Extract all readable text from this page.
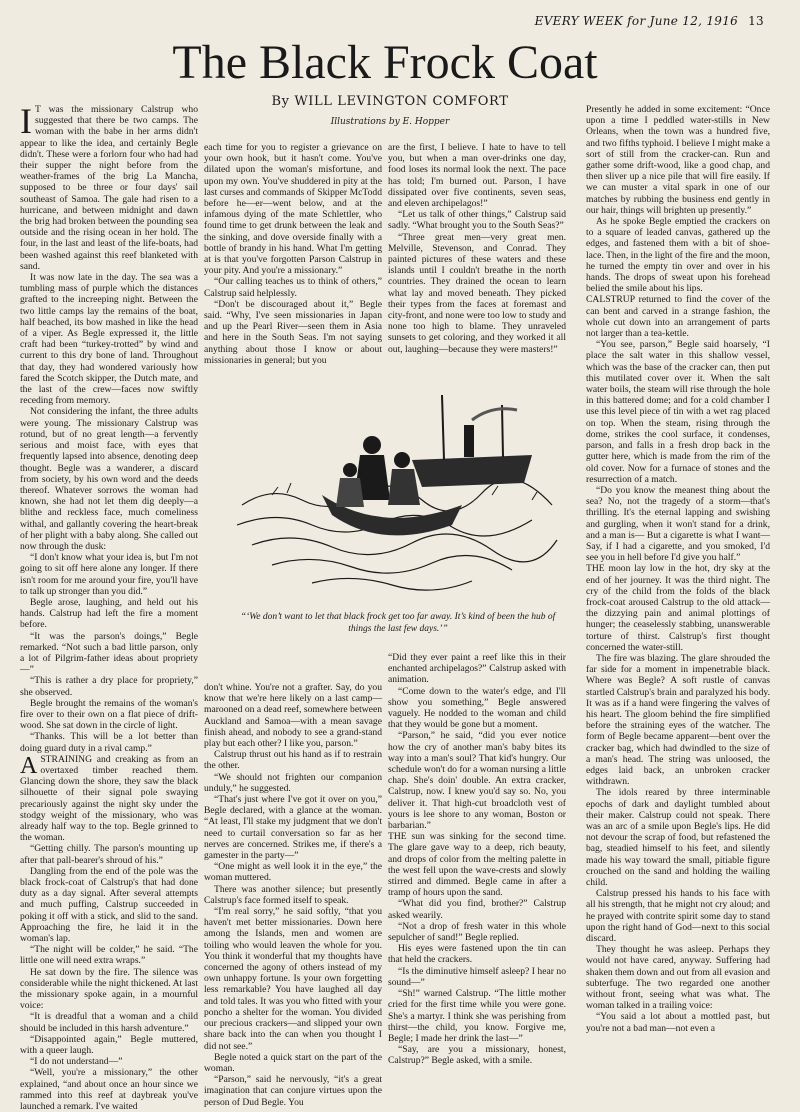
EVERY WEEK for June 12, 1916 13
The Black Frock Coat
By WILL LEVINGTON COMFORT
Illustrations by E. Hopper

I T was the missionary Calstrup who suggested that there be two camps. The woman with the babe in her arms didn't appear to like the idea, and certainly Begle didn't. These were a forlorn four who had had their supper the night before from the weather-frames of the brig La Mancha, supposed to be three or four days' sail southeast of Samoa. The gale had risen to a hurricane, and between midnight and dawn the brig had broken between the pounding sea outside and the rising ocean in her hold. The four, in the last and least of the life-boats, had been washed against this reef blanketed with sand.

It was now late in the day. The sea was a tumbling mass of purple which the distances grafted to the increeping night. Between the two little camps lay the remains of the boat, half beached, its bow mashed in like the head of a viper. As Begle expressed it, the little craft had been “turkey-trotted” by wind and current to this dry bone of land. Throughout that day, they had wondered variously how fared the Scotch skipper, the Dutch mate, and the last of the crew—faces now swiftly receding from memory.

Not considering the infant, the three adults were young. The missionary Calstrup was rotund, but of no great length—a fervently serious and moist face, with eyes that frequently lapsed into absence, denoting deep thought. Begle was a wanderer, a discard from society, by his own word and the deeds thereof. Whatever sorrows the woman had known, she had not let them dig deeply—a blithe and reckless face, much comeliness withal, and gallantly covering the heart-break of her plight with a baby along. She called out now through the dusk:

“I don't know what your idea is, but I'm not going to sit off here alone any longer. If there isn't room for me around your fire, you'll have to talk up stronger than you did.”

Begle arose, laughing, and held out his hands. Calstrup had left the fire a moment before.

“It was the parson's doings,” Begle remarked. “Not such a bad little parson, only a lot of Pilgrim-father ideas about propriety—”

“This is rather a dry place for propriety,” she observed.

Begle brought the remains of the woman's fire over to their own on a flat piece of drift-wood. She sat down in the circle of light.

“Thanks. This will be a lot better than doing guard duty in a rival camp.”

ASTRAINING and creaking as from an overtaxed timber reached them. Glancing down the shore, they saw the black silhouette of their signal pole swaying precariously against the night sky under the stodgy weight of the missionary, who was already half way to the top. Begle grinned to the woman.

“Getting chilly. The parson's mounting up after that pall-bearer's shroud of his.”

Dangling from the end of the pole was the black frock-coat of Calstrup's that had done duty as a day signal. After several attempts and much puffing, Calstrup succeeded in poking it off with a stick, and slid to the sand. Approaching the fire, he laid it in the woman's lap.

“The night will be colder,” he said. “The little one will need extra wraps.”

He sat down by the fire. The silence was considerable while the night thickened. At last the missionary spoke again, in a mournful voice:

“It is dreadful that a woman and a child should be included in this harsh adventure.”

“Disappointed again,” Begle muttered, with a queer laugh.

“I do not understand—”

“Well, you're a missionary,” the other explained, “and about once an hour since we rammed into this reef at daybreak you've launched a remark. I've waited

each time for you to register a grievance on your own hook, but it hasn't come. You've dilated upon the woman's misfortune, and upon my own. You've shuddered in pity at the last curses and commands of Skipper McTodd before he—er—went below, and at the infamous dying of the mate Schlettler, who found time to get drunk between the leak and the sinking, and dove overside finally with a bottle of brandy in his hand. What I'm getting at is that you've forgotten Parson Calstrup in your pity. And you're a missionary.”

“Our calling teaches us to think of others,” Calstrup said helplessly.

“Don't be discouraged about it,” Begle said. “Why, I've seen missionaries in Japan and up the Pearl River—seen them in Asia and here in the South Seas. I'm not saying anything about those I know or about missionaries in general; but you

are the first, I believe. I hate to have to tell you, but when a man over-drinks one day, food loses its normal look the next. The pace has told; I'm burned out. Parson, I have dissipated over five continents, seven seas, and eleven archipelagos!”

“Let us talk of other things,” Calstrup said sadly. “What brought you to the South Seas?”

“Three great men—very great men. Melville, Stevenson, and Conrad. They painted pictures of these waters and these islands until I couldn't breathe in the north countries. They drained the ocean to learn what lay and moved beneath. They picked their types from the faces at foremast and city-front, and none were too low to study and none too high to blame. They unraveled sunsets to get coloring, and they worked it all out, laughing—because they were masters!”

“‘We don’t want to let that black frock get too far away. It’s kind of been the hub of things the last few days.’”

don't whine. You're not a grafter. Say, do you know that we're here likely on a last camp—marooned on a dead reef, somewhere between Auckland and Samoa—with a mean savage finish ahead, and nobody to see a grand-stand play but each other? I like you, parson.”

Calstrup thrust out his hand as if to restrain the other.

“We should not frighten our companion unduly,” he suggested.

“That's just where I've got it over on you,” Begle declared, with a glance at the woman. “At least, I'll stake my judgment that we don't need to curtail conversation so far as her nerves are concerned. Strikes me, if there's a gamester in the party—”

“One might as well look it in the eye,” the woman muttered.

There was another silence; but presently Calstrup's face formed itself to speak.

“I'm real sorry,” he said softly, “that you haven't met better missionaries. Down here among the Islands, men and women are toiling who would leaven the whole for you. You think it wonderful that my thoughts have concerned the agony of others instead of my own unhappy fortune. Is your own forgetting less remarkable? You have laughed all day and told tales. It was you who fitted with your poncho a shelter for the woman. You divided our precious crackers—and slipped your own share back into the can when you thought I did not see.”

Begle noted a quick start on the part of the woman.

“Parson,” said he nervously, “it's a great imagination that can conjure virtues upon the person of Dud Begle. You

“Did they ever paint a reef like this in their enchanted archipelagos?” Calstrup asked with animation.

“Come down to the water's edge, and I'll show you something,” Begle answered vaguely. He nodded to the woman and child that they would be gone but a moment.

“Parson,” he said, “did you ever notice how the cry of another man's baby bites its way into a man's soul? That kid's hungry. Our schedule won't do for a woman nursing a little chap. She's doin' double. An extra cracker, Calstrup, now. I knew you'd say so. No, you deliver it. That high-cut broadcloth vest of yours is lee shore to any woman, Boston or barbarian.”

THE sun was sinking for the second time. The glare gave way to a deep, rich beauty, and drops of color from the melting palette in the west fell upon the wave-crests and slowly stirred and dimmed. Begle came in after a tramp of hours upon the sand.

“What did you find, brother?” Calstrup asked wearily.

“Not a drop of fresh water in this whole sepulcher of sand!” Begle replied.

His eyes were fastened upon the tin can that held the crackers.

“Is the diminutive himself asleep? I hear no sound—”

“Sh!” warned Calstrup. “The little mother cried for the first time while you were gone. She's a martyr. I think she was perishing from thirst—the child, you know. Forgive me, Begle; I made her drink the last—”

“Say, are you a missionary, honest, Calstrup?” Begle asked, with a smile.

Presently he added in some excitement: “Once upon a time I peddled water-stills in New Orleans, when the town was a hundred five, and two fifths typhoid. I believe I might make a sort of still from the cracker-can. Run and gather some drift-wood, like a good chap, and then sliver up a nice pile that will fire easily. If we can muster a vital spark in one of our matches by rubbing the business end gently in our hair, things will brighten up presently.”

As he spoke Begle emptied the crackers on to a square of leaded canvas, gathered up the edges, and fastened them with a bit of shoe-lace. Then, in the light of the fire and the moon, he turned the empty tin over and over in his hands. The drops of sweat upon his forehead belied the smile about his lips.

CALSTRUP returned to find the cover of the can bent and carved in a strange fashion, the whole cut down into an arrangement of parts not larger than a tea-kettle.

“You see, parson,” Begle said hoarsely, “I place the salt water in this shallow vessel, which was the base of the cracker can, then put this mutilated cover over it. When the salt water boils, the steam will rise through the hole in this battered dome; and for a cold chamber I use this level piece of tin with a wet rag placed on top. When the steam, rising through the dome, strikes the cool surface, it condenses, parson, and falls in a fresh drop back in the gutter here, which is made from the rim of the old cover. Now for a furnace of stones and the resurrection of a match.

“Do you know the meanest thing about the sea? No, not the tragedy of a storm—that's thrilling. It's the eternal lapping and swishing and gurgling, when it won't stand for a drink, and a man is— But a cigarette is what I want— Say, if I had a cigarette, and you smoked, I'd see you in hell before I'd give you half.”

THE moon lay low in the hot, dry sky at the end of her journey. It was the third night. The cry of the child from the folds of the black frock-coat aroused Calstrup to the old attack—the dizzying pain and animal plottings of hunger; the ceaselessly stabbing, unanswerable torture of thirst. Calstrup's first thought concerned the water-still.

The fire was blazing. The glare shrouded the far side for a moment in impenetrable black. Where was Begle? A soft rustle of canvas startled Calstrup's brain and paralyzed his body. It was as if a hand were fingering the valves of his heart. The gloom behind the fire simplified before the straining eyes of the watcher. The form of Begle became apparent—bent over the cracker bag, which had dwindled to the size of a man's head. The string was unloosed, the edges laid back, an unbroken cracker withdrawn.

The idols reared by three interminable epochs of dark and daylight tumbled about their maker. Calstrup could not speak. There was an arc of a smile upon Begle's lips. He did not devour the scrap of food, but refastened the bag, steadied himself to his feet, and silently made his way toward the small, pitiable figure crouched on the sand and holding the wailing child.

Calstrup pressed his hands to his face with all his strength, that he might not cry aloud; and he prayed with contrite spirit some day to stand upon the right hand of God—next to this social discard.

They thought he was asleep. Perhaps they would not have cared, anyway. Suffering had shaken them down and out from all evasion and subterfuge. The two regarded one another without front, seeing what was what. The woman talked in a trailing voice:

“You said a lot about a mottled past, but you're not a bad man—not even a
